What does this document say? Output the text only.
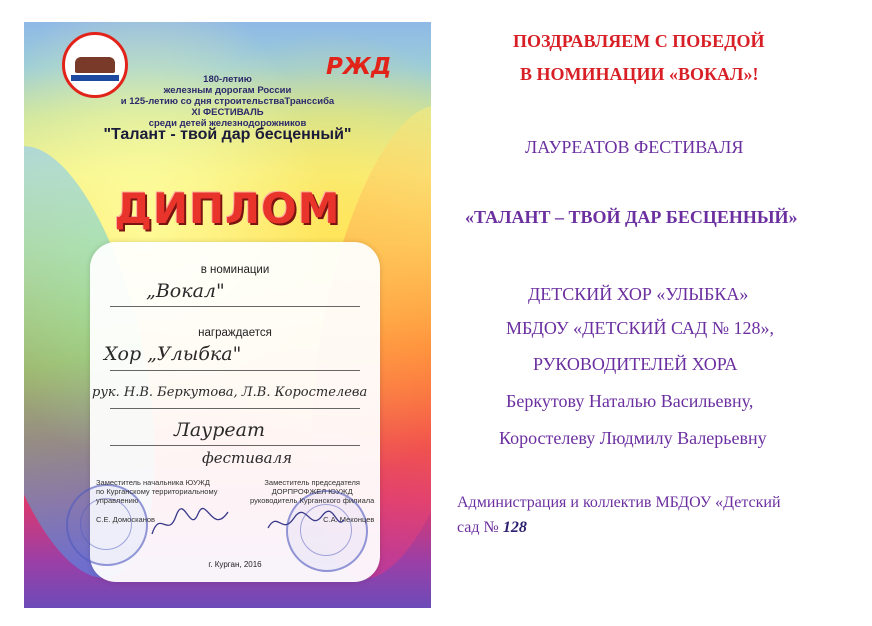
РЖД
180-летию
железным дорогам России
и 125-летию со дня строительстваТранссиба
XI ФЕСТИВАЛЬ
среди детей железнодорожников
"Талант - твой дар бесценный"
ДИПЛОМ
в номинации
„Вокал"
награждается
Хор „Улыбка"
рук. Н.В. Беркутова, Л.В. Коростелева
Лауреат
фестиваля
Заместитель начальника ЮУЖД
по Курганскому территориальному
управлению
С.Е. Домосканов
Заместитель председателя
ДОРПРОФЖЕЛ ЮУЖД
руководитель Курганского филиала
С.А. Меконцев
г. Курган, 2016
ПОЗДРАВЛЯЕМ С ПОБЕДОЙ
В НОМИНАЦИИ «ВОКАЛ»!
ЛАУРЕАТОВ ФЕСТИВАЛЯ
«ТАЛАНТ – ТВОЙ ДАР БЕСЦЕННЫЙ»
ДЕТСКИЙ ХОР «УЛЫБКА»
МБДОУ «ДЕТСКИЙ САД № 128»,
РУКОВОДИТЕЛЕЙ ХОРА
Беркутову Наталью Васильевну,
Коростелеву Людмилу Валерьевну
Администрация и коллектив МБДОУ «Детский
сад № 128
